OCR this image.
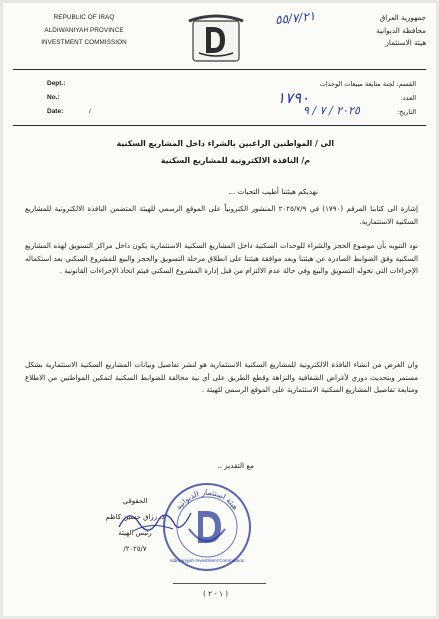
REPUBLIC OF IRAQ
ALDIWANIYAH PROVINCE
INVESTMENT COMMISSION
جمهورية العراق
محافظة الديوانية
هيئة الاستثمار
٥٥/٧/٢١
Dept.:
No.:
Date:	/
القسم: لجنة متابعة مبيعات الوحدات
العدد:
١٧٩٠
التاريخ:
٢٠٢٥ / ٧ / ٩
الى / المواطنين الراغبين بالشراء داخل المشاريع السكنية
م/ النافذة الالكترونية للمشاريع السكنية
نهديكم هيئتنا أطيب التحيات ...
إشارة الى كتابنا المرقم (١٧٩٠) في ٢٠٢٥/٧/٩ المنشور الكترونياً على الموقع الرسمي للهيئة المتضمن النافذة الالكترونية للمشاريع السكنية الاستثمارية.
نود التنويه بأن موضوع الحجز والشراء للوحدات السكنية داخل المشاريع السكنية الاستثمارية يكون داخل مراكز التسويق لهذه المشاريع السكنية وفق الضوابط الصادرة عن هيئتنا وبعد موافقة هيئتنا على انطلاق مرحلة التسويق والحجز والبيع للمشروع السكني بعد استكماله الإجراءات التي تخوله التسويق والبيع وفي حالة عدم الالتزام من قبل إدارة المشروع السكني فيتم اتخاذ الإجراءات القانونية .
وان الغرض من انشاء النافذة الالكترونية للمشاريع السكنية الاستثمارية هو لنشر تفاصيل وبيانات المشاريع السكنية الاستثمارية بشكل مستمر وبتحديث دوري لأغراض الشفافية والنزاهة وقطع الطريق على أي نية مخالفة للضوابط السكنية لتمكين المواطنين من الاطلاع ومتابعة تفاصيل المشاريع السكنية الاستثمارية على الموقع الرسمي للهيئة .
مع التقدير ..
الحقوقي
د. رزاق حسين كاظم
رئيس الهيئة
٢٠٢٥/٧/
هيئة استثمار الديوانية
Aldiwaniyah Investment Commission
( ١ - ٢ )
